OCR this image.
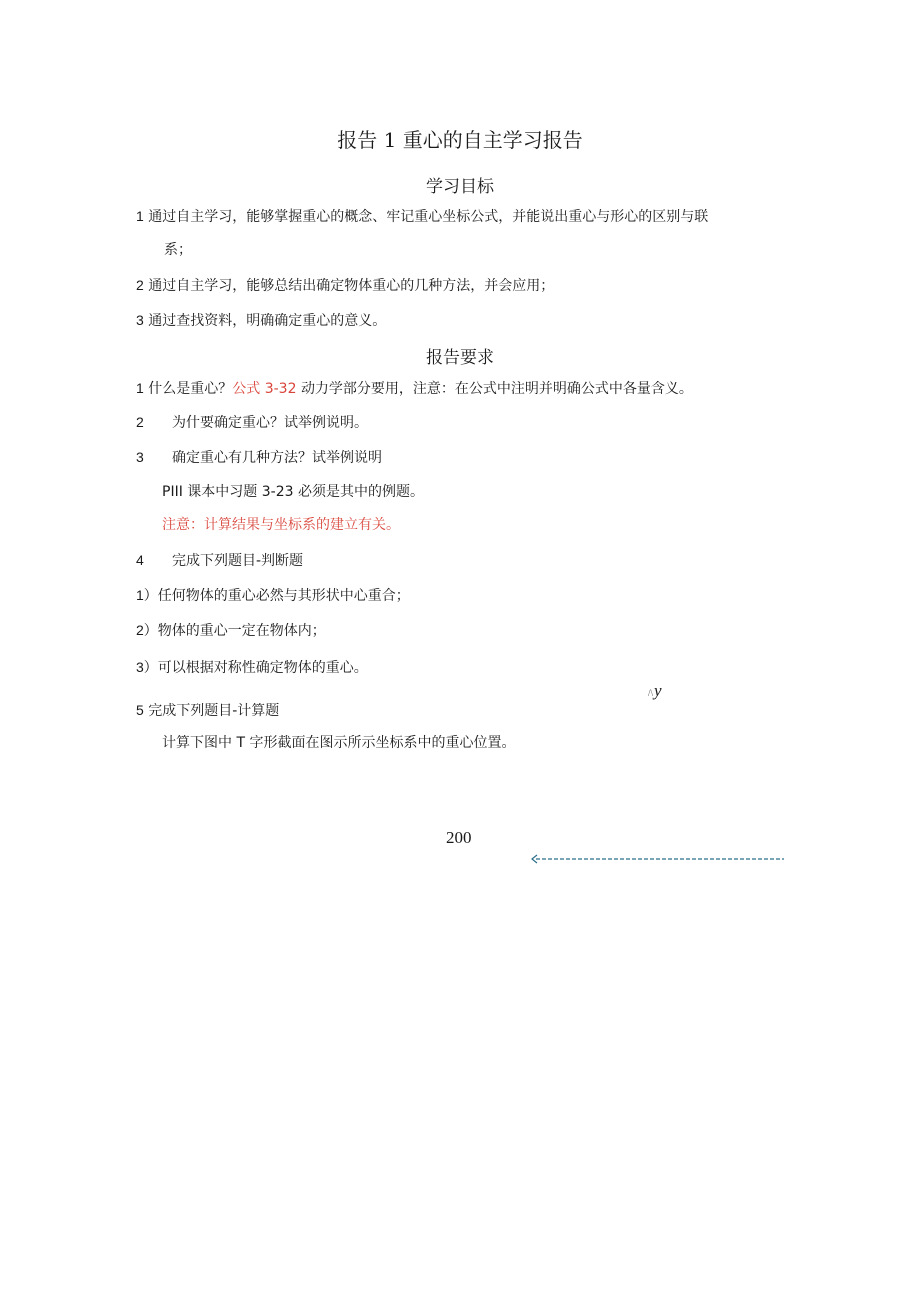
报告 1 重心的自主学习报告
学习目标
1 通过自主学习，能够掌握重心的概念、牢记重心坐标公式，并能说出重心与形心的区别与联
系；
2 通过自主学习，能够总结出确定物体重心的几种方法，并会应用；
3 通过查找资料，明确确定重心的意义。
报告要求
1 什么是重心？公式 3-32 动力学部分要用，注意：在公式中注明并明确公式中各量含义。
2 为什要确定重心？试举例说明。
3 确定重心有几种方法？试举例说明
PIII 课本中习题 3-23 必须是其中的例题。
注意：计算结果与坐标系的建立有关。
4 完成下列题目-判断题
1）任何物体的重心必然与其形状中心重合；
2）物体的重心一定在物体内；
3）可以根据对称性确定物体的重心。
/\y
5 完成下列题目-计算题
计算下图中 T 字形截面在图示所示坐标系中的重心位置。
200
